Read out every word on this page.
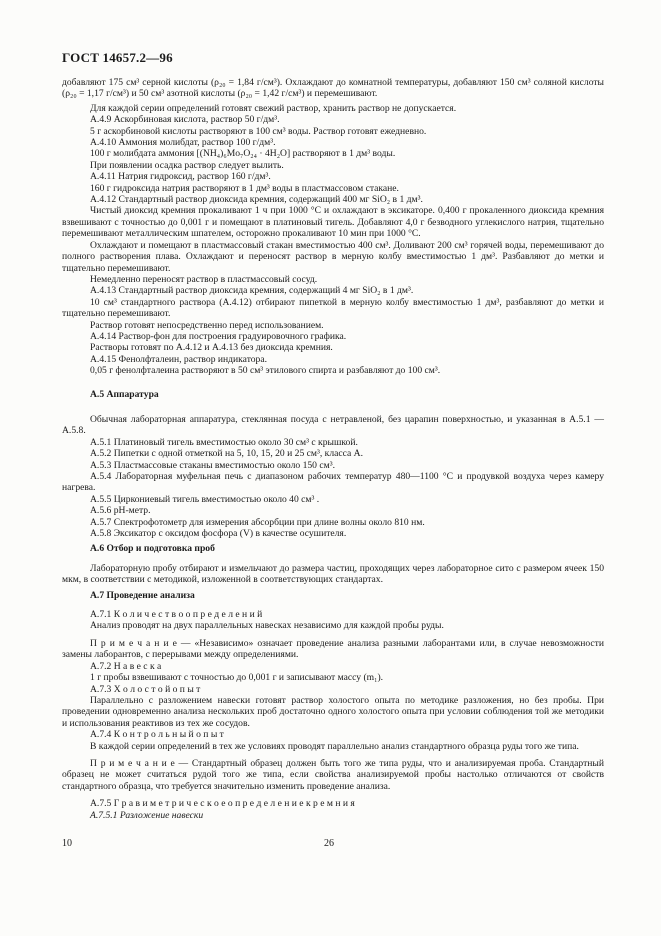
ГОСТ 14657.2—96

добавляют 175 см³ серной кислоты (ρ₂₀ = 1,84 г/см³). Охлаждают до комнатной температуры, добавляют 150 см³ соляной кислоты (ρ₂₀ = 1,17 г/см³) и 50 см³ азотной кислоты (ρ₂₀ = 1,42 г/см³) и перемешивают.

Для каждой серии определений готовят свежий раствор, хранить раствор не допускается.

А.4.9 Аскорбиновая кислота, раствор 50 г/дм³.

5 г аскорбиновой кислоты растворяют в 100 см³ воды. Раствор готовят ежедневно.

А.4.10 Аммония молибдат, раствор 100 г/дм³.

100 г молибдата аммония [(NH₄)₆Mo₇O₂₄ · 4H₂O] растворяют в 1 дм³ воды.

При появлении осадка раствор следует вылить.

А.4.11 Натрия гидроксид, раствор 160 г/дм³.

160 г гидроксида натрия растворяют в 1 дм³ воды в пластмассовом стакане.

А.4.12 Стандартный раствор диоксида кремния, содержащий 400 мг SiO₂ в 1 дм³.

Чистый диоксид кремния прокаливают 1 ч при 1000 °С и охлаждают в эксикаторе. 0,400 г прокаленного диоксида кремния взвешивают с точностью до 0,001 г и помещают в платиновый тигель. Добавляют 4,0 г безводного углекислого натрия, тщательно перемешивают металлическим шпателем, осторожно прокаливают 10 мин при 1000 °С.

Охлаждают и помещают в пластмассовый стакан вместимостью 400 см³. Доливают 200 см³ горячей воды, перемешивают до полного растворения плава. Охлаждают и переносят раствор в мерную колбу вместимостью 1 дм³. Разбавляют до метки и тщательно перемешивают.

Немедленно переносят раствор в пластмассовый сосуд.

А.4.13 Стандартный раствор диоксида кремния, содержащий 4 мг SiO₂ в 1 дм³.

10 см³ стандартного раствора (А.4.12) отбирают пипеткой в мерную колбу вместимостью 1 дм³, разбавляют до метки и тщательно перемешивают.

Раствор готовят непосредственно перед использованием.

А.4.14 Раствор-фон для построения градуировочного графика.

Растворы готовят по А.4.12 и А.4.13 без диоксида кремния.

А.4.15 Фенолфталеин, раствор индикатора.

0,05 г фенолфталеина растворяют в 50 см³ этилового спирта и разбавляют до 100 см³.

А.5 Аппаратура

Обычная лабораторная аппаратура, стеклянная посуда с нетравленой, без царапин поверхностью, и указанная в А.5.1 — А.5.8.

А.5.1 Платиновый тигель вместимостью около 30 см³ с крышкой.

А.5.2 Пипетки с одной отметкой на 5, 10, 15, 20 и 25 см³, класса А.

А.5.3 Пластмассовые стаканы вместимостью около 150 см³.

А.5.4 Лабораторная муфельная печь с диапазоном рабочих температур 480—1100 °С и продувкой воздуха через камеру нагрева.

А.5.5 Циркониевый тигель вместимостью около 40 см³ .

А.5.6 pH-метр.

А.5.7 Спектрофотометр для измерения абсорбции при длине волны около 810 нм.

А.5.8 Эксикатор с оксидом фосфора (V) в качестве осушителя.

А.6 Отбор и подготовка проб

Лабораторную пробу отбирают и измельчают до размера частиц, проходящих через лабораторное сито с размером ячеек 150 мкм, в соответствии с методикой, изложенной в соответствующих стандартах.

А.7 Проведение анализа

А.7.1 К о л и ч е с т в о о п р е д е л е н и й

Анализ проводят на двух параллельных навесках независимо для каждой пробы руды.

П р и м е ч а н и е — «Независимо» означает проведение анализа разными лаборантами или, в случае невозможности замены лаборантов, с перерывами между определениями.

А.7.2 Н а в е с к а

1 г пробы взвешивают с точностью до 0,001 г и записывают массу (m₁).

А.7.3 Х о л о с т о й о п ы т

Параллельно с разложением навески готовят раствор холостого опыта по методике разложения, но без пробы. При проведении одновременно анализа нескольких проб достаточно одного холостого опыта при условии соблюдения той же методики и использования реактивов из тех же сосудов.

А.7.4 К о н т р о л ь н ы й о п ы т

В каждой серии определений в тех же условиях проводят параллельно анализ стандартного образца руды того же типа.

П р и м е ч а н и е — Стандартный образец должен быть того же типа руды, что и анализируемая проба. Стандартный образец не может считаться рудой того же типа, если свойства анализируемой пробы настолько отличаются от свойств стандартного образца, что требуется значительно изменить проведение анализа.

А.7.5 Г р а в и м е т р и ч е с к о е о п р е д е л е н и е к р е м н и я

А.7.5.1 Разложение навески

10	26
